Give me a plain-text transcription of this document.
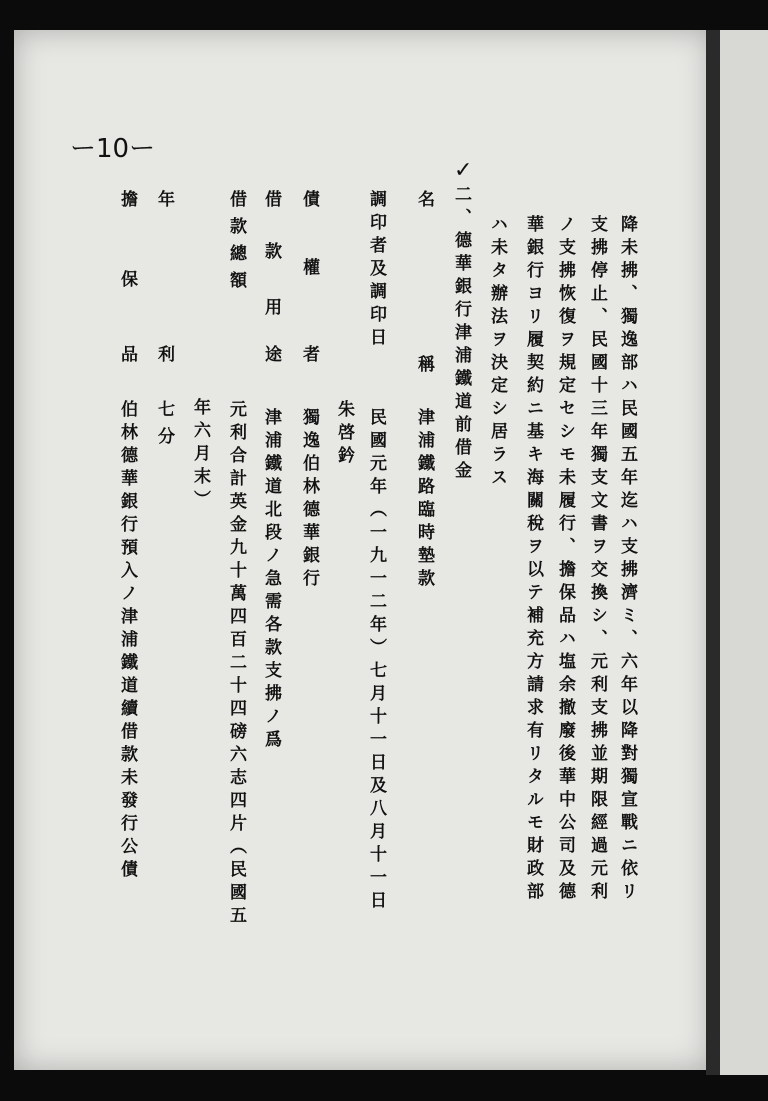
ー10ー
降未拂、獨逸部ハ民國五年迄ハ支拂濟ミ、六年以降對獨宣戰ニ依リ
支拂停止、民國十三年獨支文書ヲ交換シ、元利支拂並期限經過元利
ノ支拂恢復ヲ規定セシモ未履行、擔保品ハ塩余撤廢後華中公司及德
華銀行ヨリ履契約ニ基キ海關稅ヲ以テ補充方請求有リタルモ財政部
ハ未タ辦法ヲ決定シ居ラス
✓
二、德華銀行津浦鐵道前借金
名
稱
津浦鐵路臨時墊款
調印者及調印日
民國元年（一九一二年）七月十一日及八月十一日
朱啓鈐
債
權
者
獨逸伯林德華銀行
借
款
用
途
津浦鐵道北段ノ急需各款支拂ノ爲
借款總額
元利合計英金九十萬四百二十四磅六志四片（民國五
年六月末）
年
利
七分
擔
保
品
伯林德華銀行預入ノ津浦鐵道續借款未發行公債
